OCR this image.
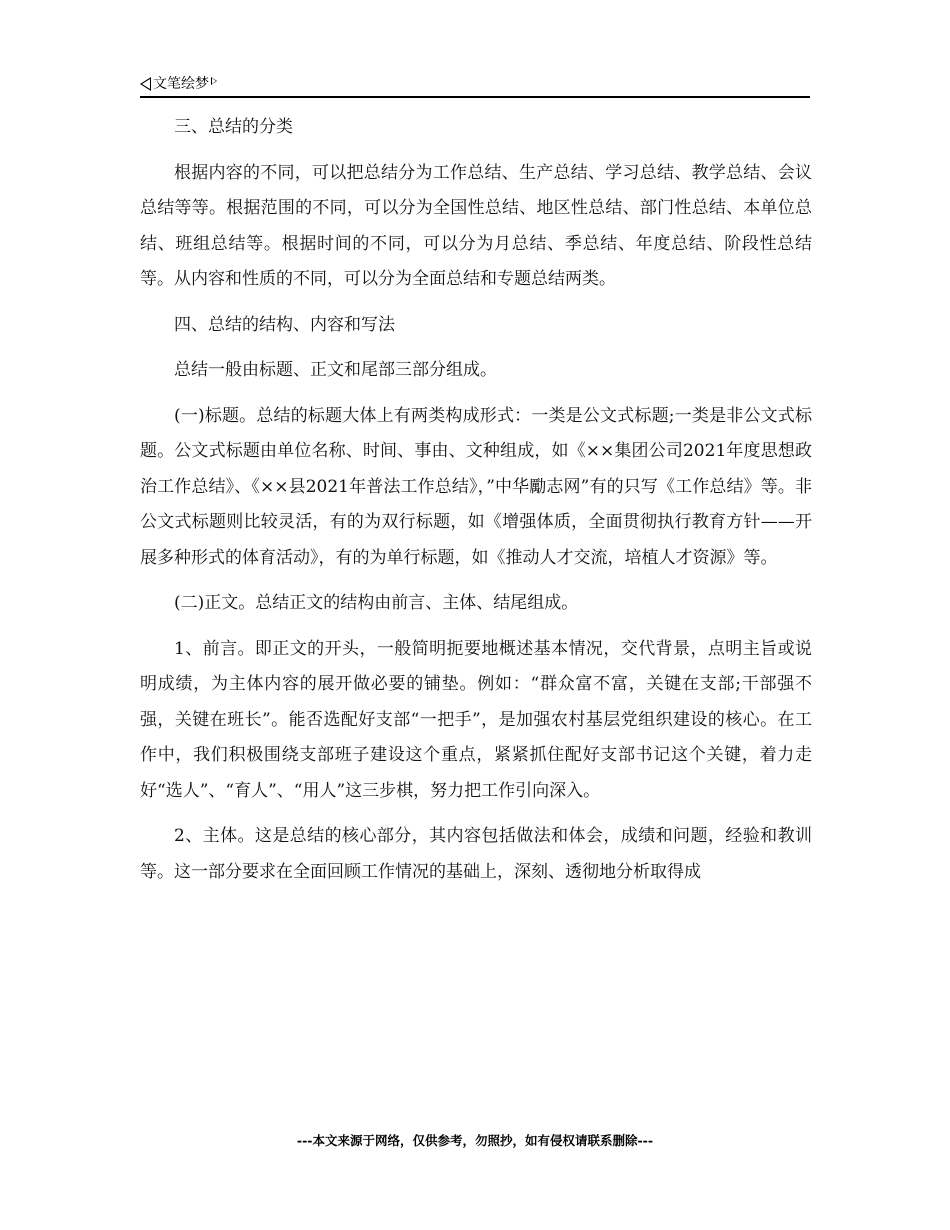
文笔绘梦

三、总结的分类

根据内容的不同，可以把总结分为工作总结、生产总结、学习总结、教学总结、会议总结等等。根据范围的不同，可以分为全国性总结、地区性总结、部门性总结、本单位总结、班组总结等。根据时间的不同，可以分为月总结、季总结、年度总结、阶段性总结等。从内容和性质的不同，可以分为全面总结和专题总结两类。

四、总结的结构、内容和写法

总结一般由标题、正文和尾部三部分组成。

(一)标题。总结的标题大体上有两类构成形式：一类是公文式标题;一类是非公文式标题。公文式标题由单位名称、时间、事由、文种组成，如《××集团公司2021年度思想政治工作总结》、《××县2021年普法工作总结》，”中华勵志网”有的只写《工作总结》等。非公文式标题则比较灵活，有的为双行标题，如《增强体质，全面贯彻执行教育方针——开展多种形式的体育活动》，有的为单行标题，如《推动人才交流，培植人才资源》等。

(二)正文。总结正文的结构由前言、主体、结尾组成。

1、前言。即正文的开头，一般简明扼要地概述基本情况，交代背景，点明主旨或说明成绩，为主体内容的展开做必要的铺垫。例如：“群众富不富，关键在支部;干部强不强，关键在班长”。能否选配好支部“一把手”，是加强农村基层党组织建设的核心。在工作中，我们积极围绕支部班子建设这个重点，紧紧抓住配好支部书记这个关键，着力走好“选人”、“育人”、“用人”这三步棋，努力把工作引向深入。

2、主体。这是总结的核心部分，其内容包括做法和体会，成绩和问题，经验和教训等。这一部分要求在全面回顾工作情况的基础上，深刻、透彻地分析取得成

---本文来源于网络，仅供参考，勿照抄，如有侵权请联系删除---
